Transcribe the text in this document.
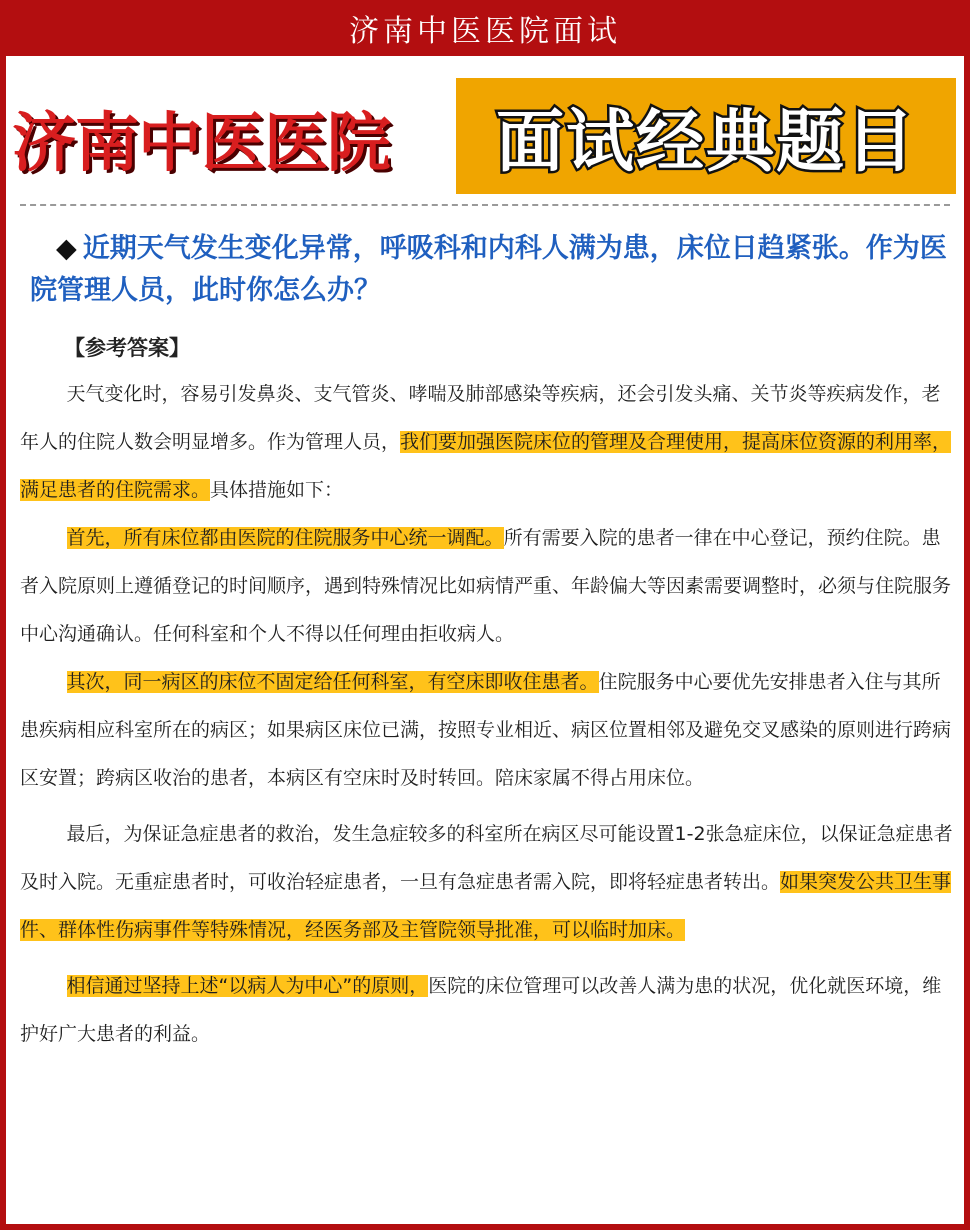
济南中医医院面试
济南中医医院 面试经典题目
◆ 近期天气发生变化异常，呼吸科和内科人满为患，床位日趋紧张。作为医院管理人员，此时你怎么办？
【参考答案】

天气变化时，容易引发鼻炎、支气管炎、哮喘及肺部感染等疾病，还会引发头痛、关节炎等疾病发作，老年人的住院人数会明显增多。作为管理人员，我们要加强医院床位的管理及合理使用，提高床位资源的利用率，满足患者的住院需求。具体措施如下：

首先，所有床位都由医院的住院服务中心统一调配。所有需要入院的患者一律在中心登记，预约住院。患者入院原则上遵循登记的时间顺序，遇到特殊情况比如病情严重、年龄偏大等因素需要调整时，必须与住院服务中心沟通确认。任何科室和个人不得以任何理由拒收病人。

其次，同一病区的床位不固定给任何科室，有空床即收住患者。住院服务中心要优先安排患者入住与其所患疾病相应科室所在的病区；如果病区床位已满，按照专业相近、病区位置相邻及避免交叉感染的原则进行跨病区安置；跨病区收治的患者，本病区有空床时及时转回。陪床家属不得占用床位。

最后，为保证急症患者的救治，发生急症较多的科室所在病区尽可能设置1-2张急症床位，以保证急症患者及时入院。无重症患者时，可收治轻症患者，一旦有急症患者需入院，即将轻症患者转出。如果突发公共卫生事件、群体性伤病事件等特殊情况，经医务部及主管院领导批准，可以临时加床。

相信通过坚持上述“以病人为中心”的原则，医院的床位管理可以改善人满为患的状况，优化就医环境，维护好广大患者的利益。
